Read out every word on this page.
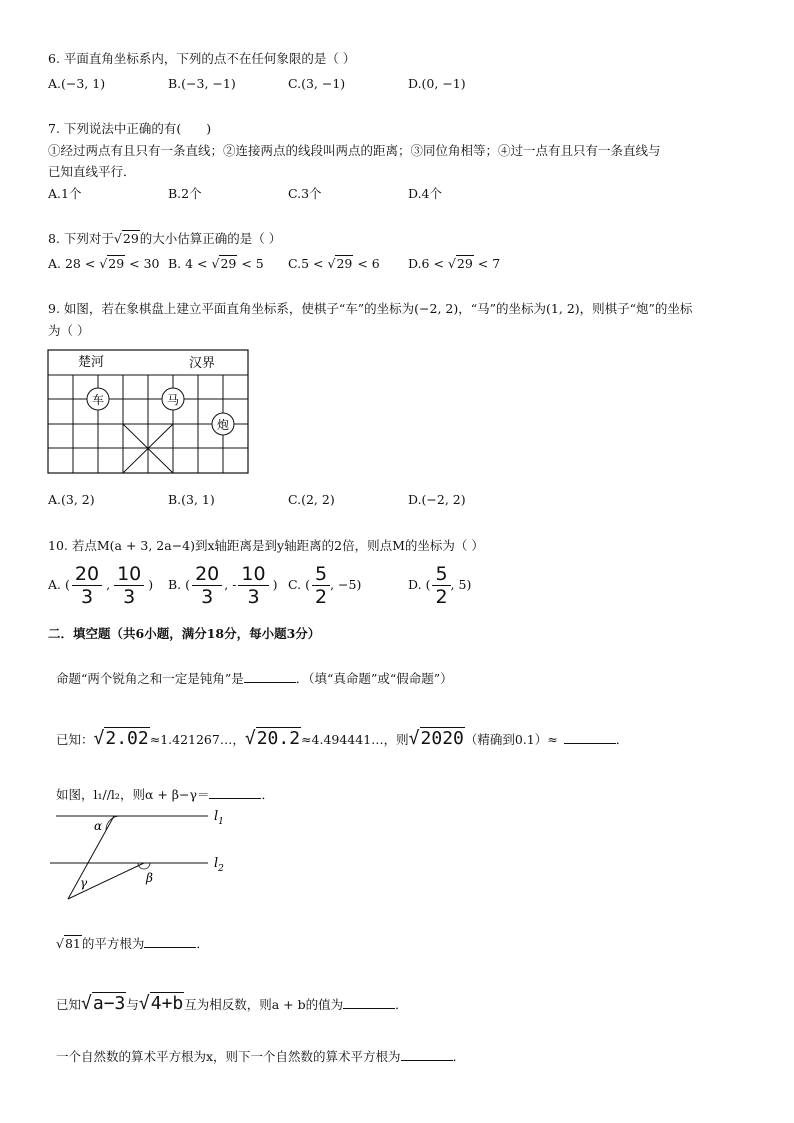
6. 平面直角坐标系内，下列的点不在任何象限的是（ ）
A.(−3, 1)	B.(−3, −1)	C.(3, −1)	D.(0, −1)
7. 下列说法中正确的有(　　)
①经过两点有且只有一条直线；②连接两点的线段叫两点的距离；③同位角相等；④过一点有且只有一条直线与
已知直线平行．
A.1个	B.2个	C.3个	D.4个
8. 下列对于√29的大小估算正确的是（ ）
A. 28 < √29 < 30 B. 4 < √29 < 5 C.5 < √29 < 6 D.6 < √29 < 7
9. 如图，若在象棋盘上建立平面直角坐标系，使棋子“车”的坐标为(−2, 2)，“马”的坐标为(1, 2)，则棋子“炮”的坐标
为（ ）
楚河	汉界
车	马
炮
A.(3, 2)	B.(3, 1)	C.(2, 2)	D.(−2, 2)
10. 若点M(a + 3, 2a−4)到x轴距离是到y轴距离的2倍，则点M的坐标为（ ）
A. ( $\frac{20}{3}$ , $\frac{10}{3}$ ) B. ( $\frac{20}{3}$ , - $\frac{10}{3}$ ) C. ( $\frac{5}{2}$ , −5)	D. ( $\frac{5}{2}$ , 5)
二．填空题（共6小题，满分18分，每小题3分）
命题“两个锐角之和一定是钝角”是	．（填“真命题”或“假命题”）
已知：√2.02≈1.421267…，√20.2≈4.494441…，则√2020（精确到0.1）≈	．
如图，l₁//l₂，则α + β−γ＝	．
α
β
γ
$l_1$
$l_2$
√81的平方根为	．
已知√a−3与√4+b互为相反数，则a + b的值为	．
一个自然数的算术平方根为x，则下一个自然数的算术平方根为	．
